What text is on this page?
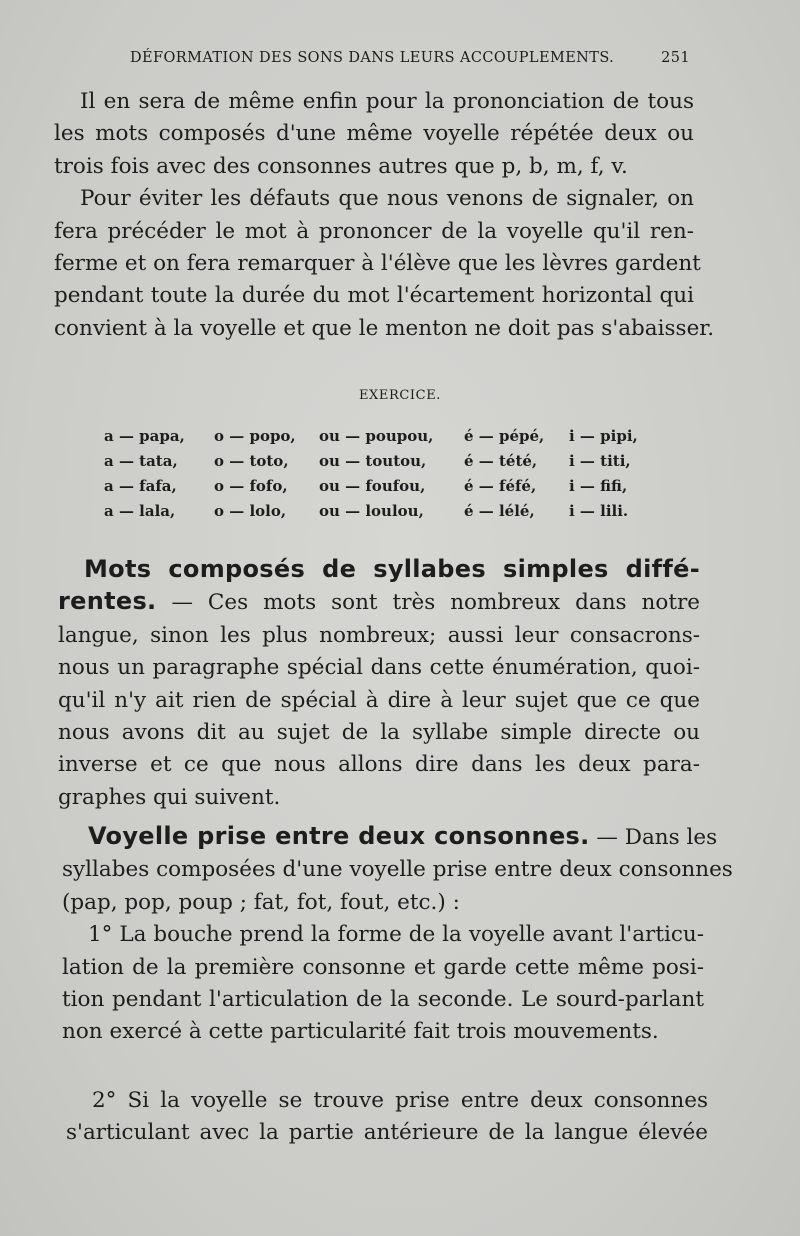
DÉFORMATION DES SONS DANS LEURS ACCOUPLEMENTS.	251
Il en sera de même enfin pour la prononciation de tous
les mots composés d'une même voyelle répétée deux ou
trois fois avec des consonnes autres que p, b, m, f, v.
Pour éviter les défauts que nous venons de signaler, on
fera précéder le mot à prononcer de la voyelle qu'il ren-
ferme et on fera remarquer à l'élève que les lèvres gardent
pendant toute la durée du mot l'écartement horizontal qui
convient à la voyelle et que le menton ne doit pas s'abaisser.
EXERCICE.
a — papa,	o — popo,	ou — poupou,	é — pépé,	i — pipi,
a — tata,	o — toto,	ou — toutou,	é — tété,	i — titi,
a — fafa,	o — fofo,	ou — foufou,	é — féfé,	i — fifi,
a — lala,	o — lolo,	ou — loulou,	é — lélé,	i — lili.
Mots composés de syllabes simples diffé-
rentes. — Ces mots sont très nombreux dans notre
langue, sinon les plus nombreux; aussi leur consacrons-
nous un paragraphe spécial dans cette énumération, quoi-
qu'il n'y ait rien de spécial à dire à leur sujet que ce que
nous avons dit au sujet de la syllabe simple directe ou
inverse et ce que nous allons dire dans les deux para-
graphes qui suivent.
Voyelle prise entre deux consonnes. — Dans les
syllabes composées d'une voyelle prise entre deux consonnes
(pap, pop, poup ; fat, fot, fout, etc.) :
1° La bouche prend la forme de la voyelle avant l'articu-
lation de la première consonne et garde cette même posi-
tion pendant l'articulation de la seconde. Le sourd-parlant
non exercé à cette particularité fait trois mouvements.
2° Si la voyelle se trouve prise entre deux consonnes
s'articulant avec la partie antérieure de la langue élevée
